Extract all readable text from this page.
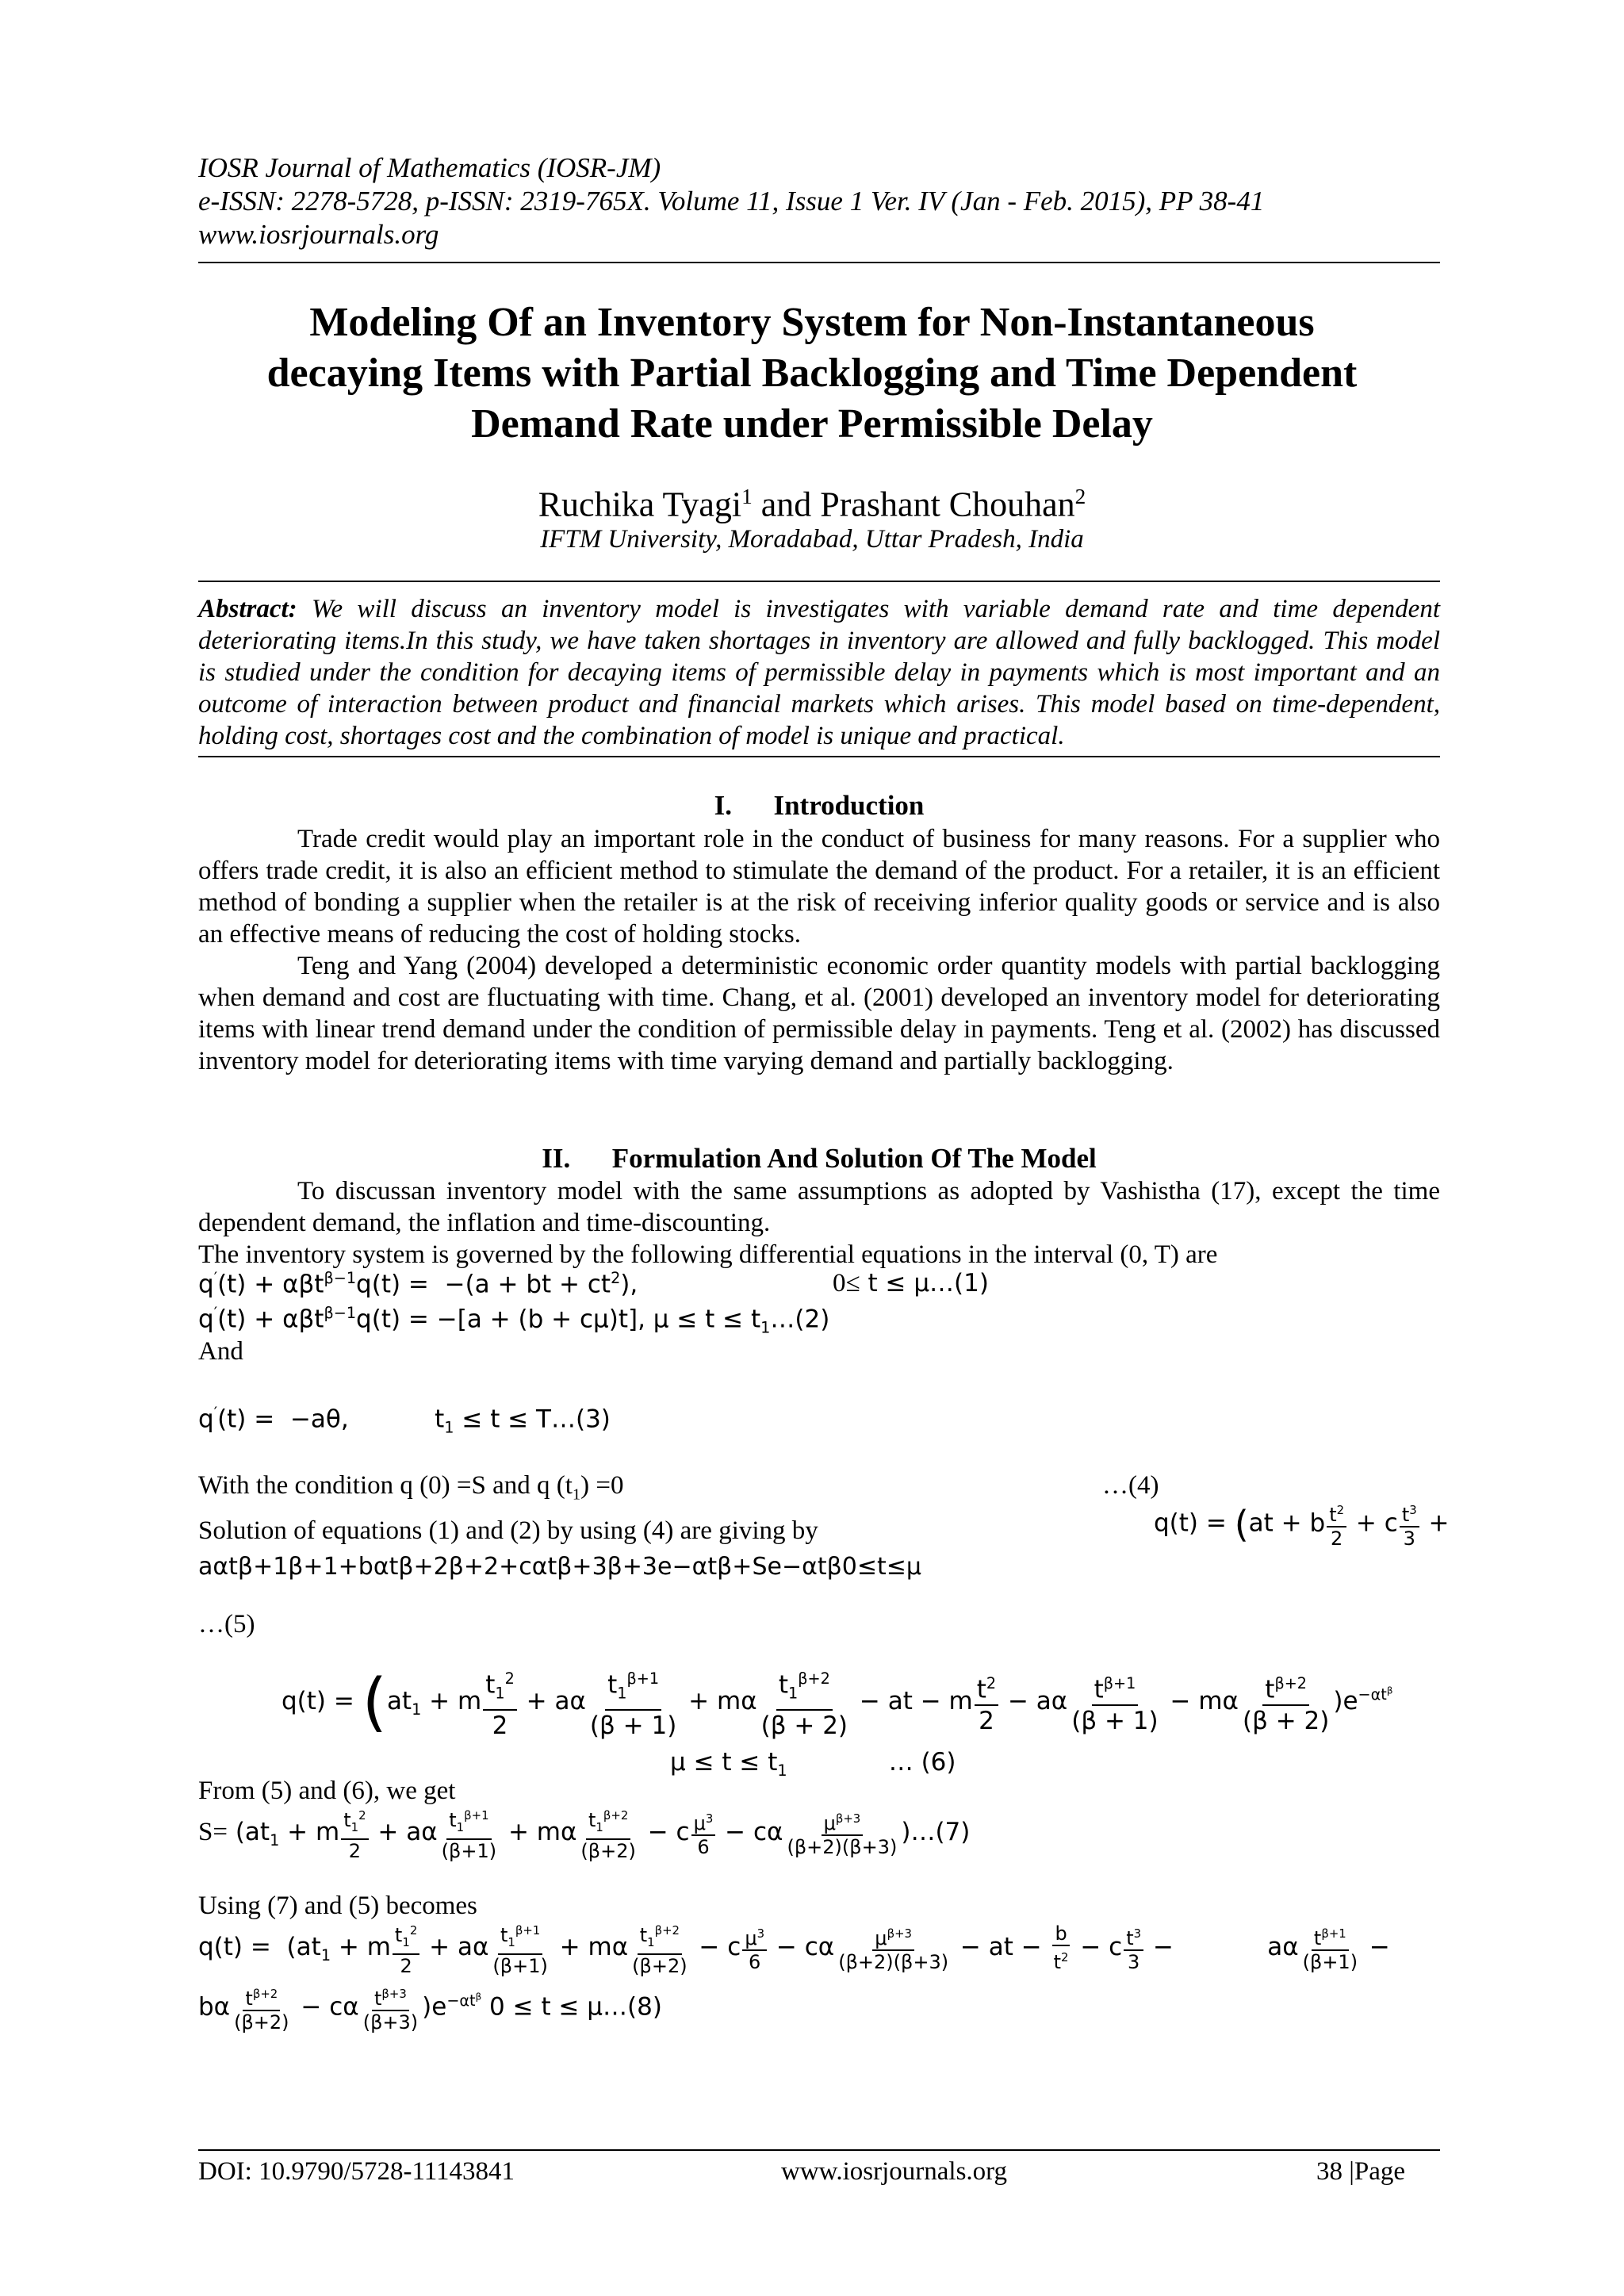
IOSR Journal of Mathematics (IOSR-JM)
e-ISSN: 2278-5728, p-ISSN: 2319-765X. Volume 11, Issue 1 Ver. IV (Jan - Feb. 2015), PP 38-41
www.iosrjournals.org
Modeling Of an Inventory System for Non-Instantaneous
decaying Items with Partial Backlogging and Time Dependent
Demand Rate under Permissible Delay
Ruchika Tyagi$^1$ and Prashant Chouhan$^2$
IFTM University, Moradabad, Uttar Pradesh, India
Abstract: We will discuss an inventory model is investigates with variable demand rate and time dependent deteriorating items.In this study, we have taken shortages in inventory are allowed and fully backlogged. This model is studied under the condition for decaying items of permissible delay in payments which is most important and an outcome of interaction between product and financial markets which arises. This model based on time-dependent, holding cost, shortages cost and the combination of model is unique and practical.
I.      Introduction
Trade credit would play an important role in the conduct of business for many reasons. For a supplier who offers trade credit, it is also an efficient method to stimulate the demand of the product. For a retailer, it is an efficient method of bonding a supplier when the retailer is at the risk of receiving inferior quality goods or service and is also an effective means of reducing the cost of holding stocks.
Teng and Yang (2004) developed a deterministic economic order quantity models with partial backlogging when demand and cost are fluctuating with time. Chang, et al. (2001) developed an inventory model for deteriorating items with linear trend demand under the condition of permissible delay in payments. Teng et al. (2002) has discussed inventory model for deteriorating items with time varying demand and partially backlogging.
II.      Formulation And Solution Of The Model
To discussan inventory model with the same assumptions as adopted by Vashistha (17), except the time dependent demand, the inflation and time-discounting.
The inventory system is governed by the following differential equations in the interval (0, T) are
q′(t) + αβt$^{\beta-1}$q(t) =  −(a + bt + $ct^2$),	0≤ t ≤ μ…(1)
q′(t) + αβt$^{\beta-1}$q(t) = −[a + (b + cμ)t], $\mu \le t \le t_1\dots(2)$
And
q′(t) =  −aθ,           $t_1 \le t$ ≤ T…(3)
With the condition q (0) =S and q $(t_1) =0$	…(4)
Solution of equations (1) and (2) by using (4) are giving by	q(t) = (at + b $\frac{t^2}{2} + c \frac{t^3}{3}$ +
aαtβ+1β+1+bαtβ+2β+2+cαtβ+3β+3e−αtβ+Se−αtβ0≤t≤μ
…(5)
$q(t) = (at_1 + m \frac{t_1^2}{2} + a\alpha \frac{t_1^{\beta+1}}{(\beta + 1)} + m\alpha \frac{t_1^{\beta+2}}{(\beta + 2)}$ − at − m $\frac{t^2}{2} - a\alpha \frac{t^{\beta+1}}{(\beta + 1)} - m\alpha \frac{t^{\beta+2}}{(\beta + 2)} )e^{-\alpha t^\beta}$
$\mu \le t \le t_1$             … (6)
From (5) and (6), we get
$S= (at_1 + m \frac{t_1^2}{2} + a\alpha \frac{t_1^{\beta+1}}{(\beta+1)} + m\alpha \frac{t_1^{\beta+2}}{(\beta+2)} - c \frac{\mu^3}{6} - c\alpha \frac{\mu^{\beta+3}}{(\beta+2)(\beta+3)}$ )…(7)
Using (7) and (5) becomes
$q(t) = (at_1 + m \frac{t_1^2}{2} + a\alpha \frac{t_1^{\beta+1}}{(\beta+1)} + m\alpha \frac{t_1^{\beta+2}}{(\beta+2)} - c \frac{\mu^3}{6} - c\alpha \frac{\mu^{\beta+3}}{(\beta+2)(\beta+3)}$ − at − $\frac{b}{t^2} - c \frac{t^3}{3}$ −            aα $\frac{t^{\beta+1}}{(\beta+1)}$ −
bα $\frac{t^{\beta+2}}{(\beta+2)} - c\alpha \frac{t^{\beta+3}}{(\beta+3)} )e^{-\alpha t^\beta}$ 0 ≤ t ≤ μ…(8)
DOI: 10.9790/5728-11143841	www.iosrjournals.org	38 |Page
